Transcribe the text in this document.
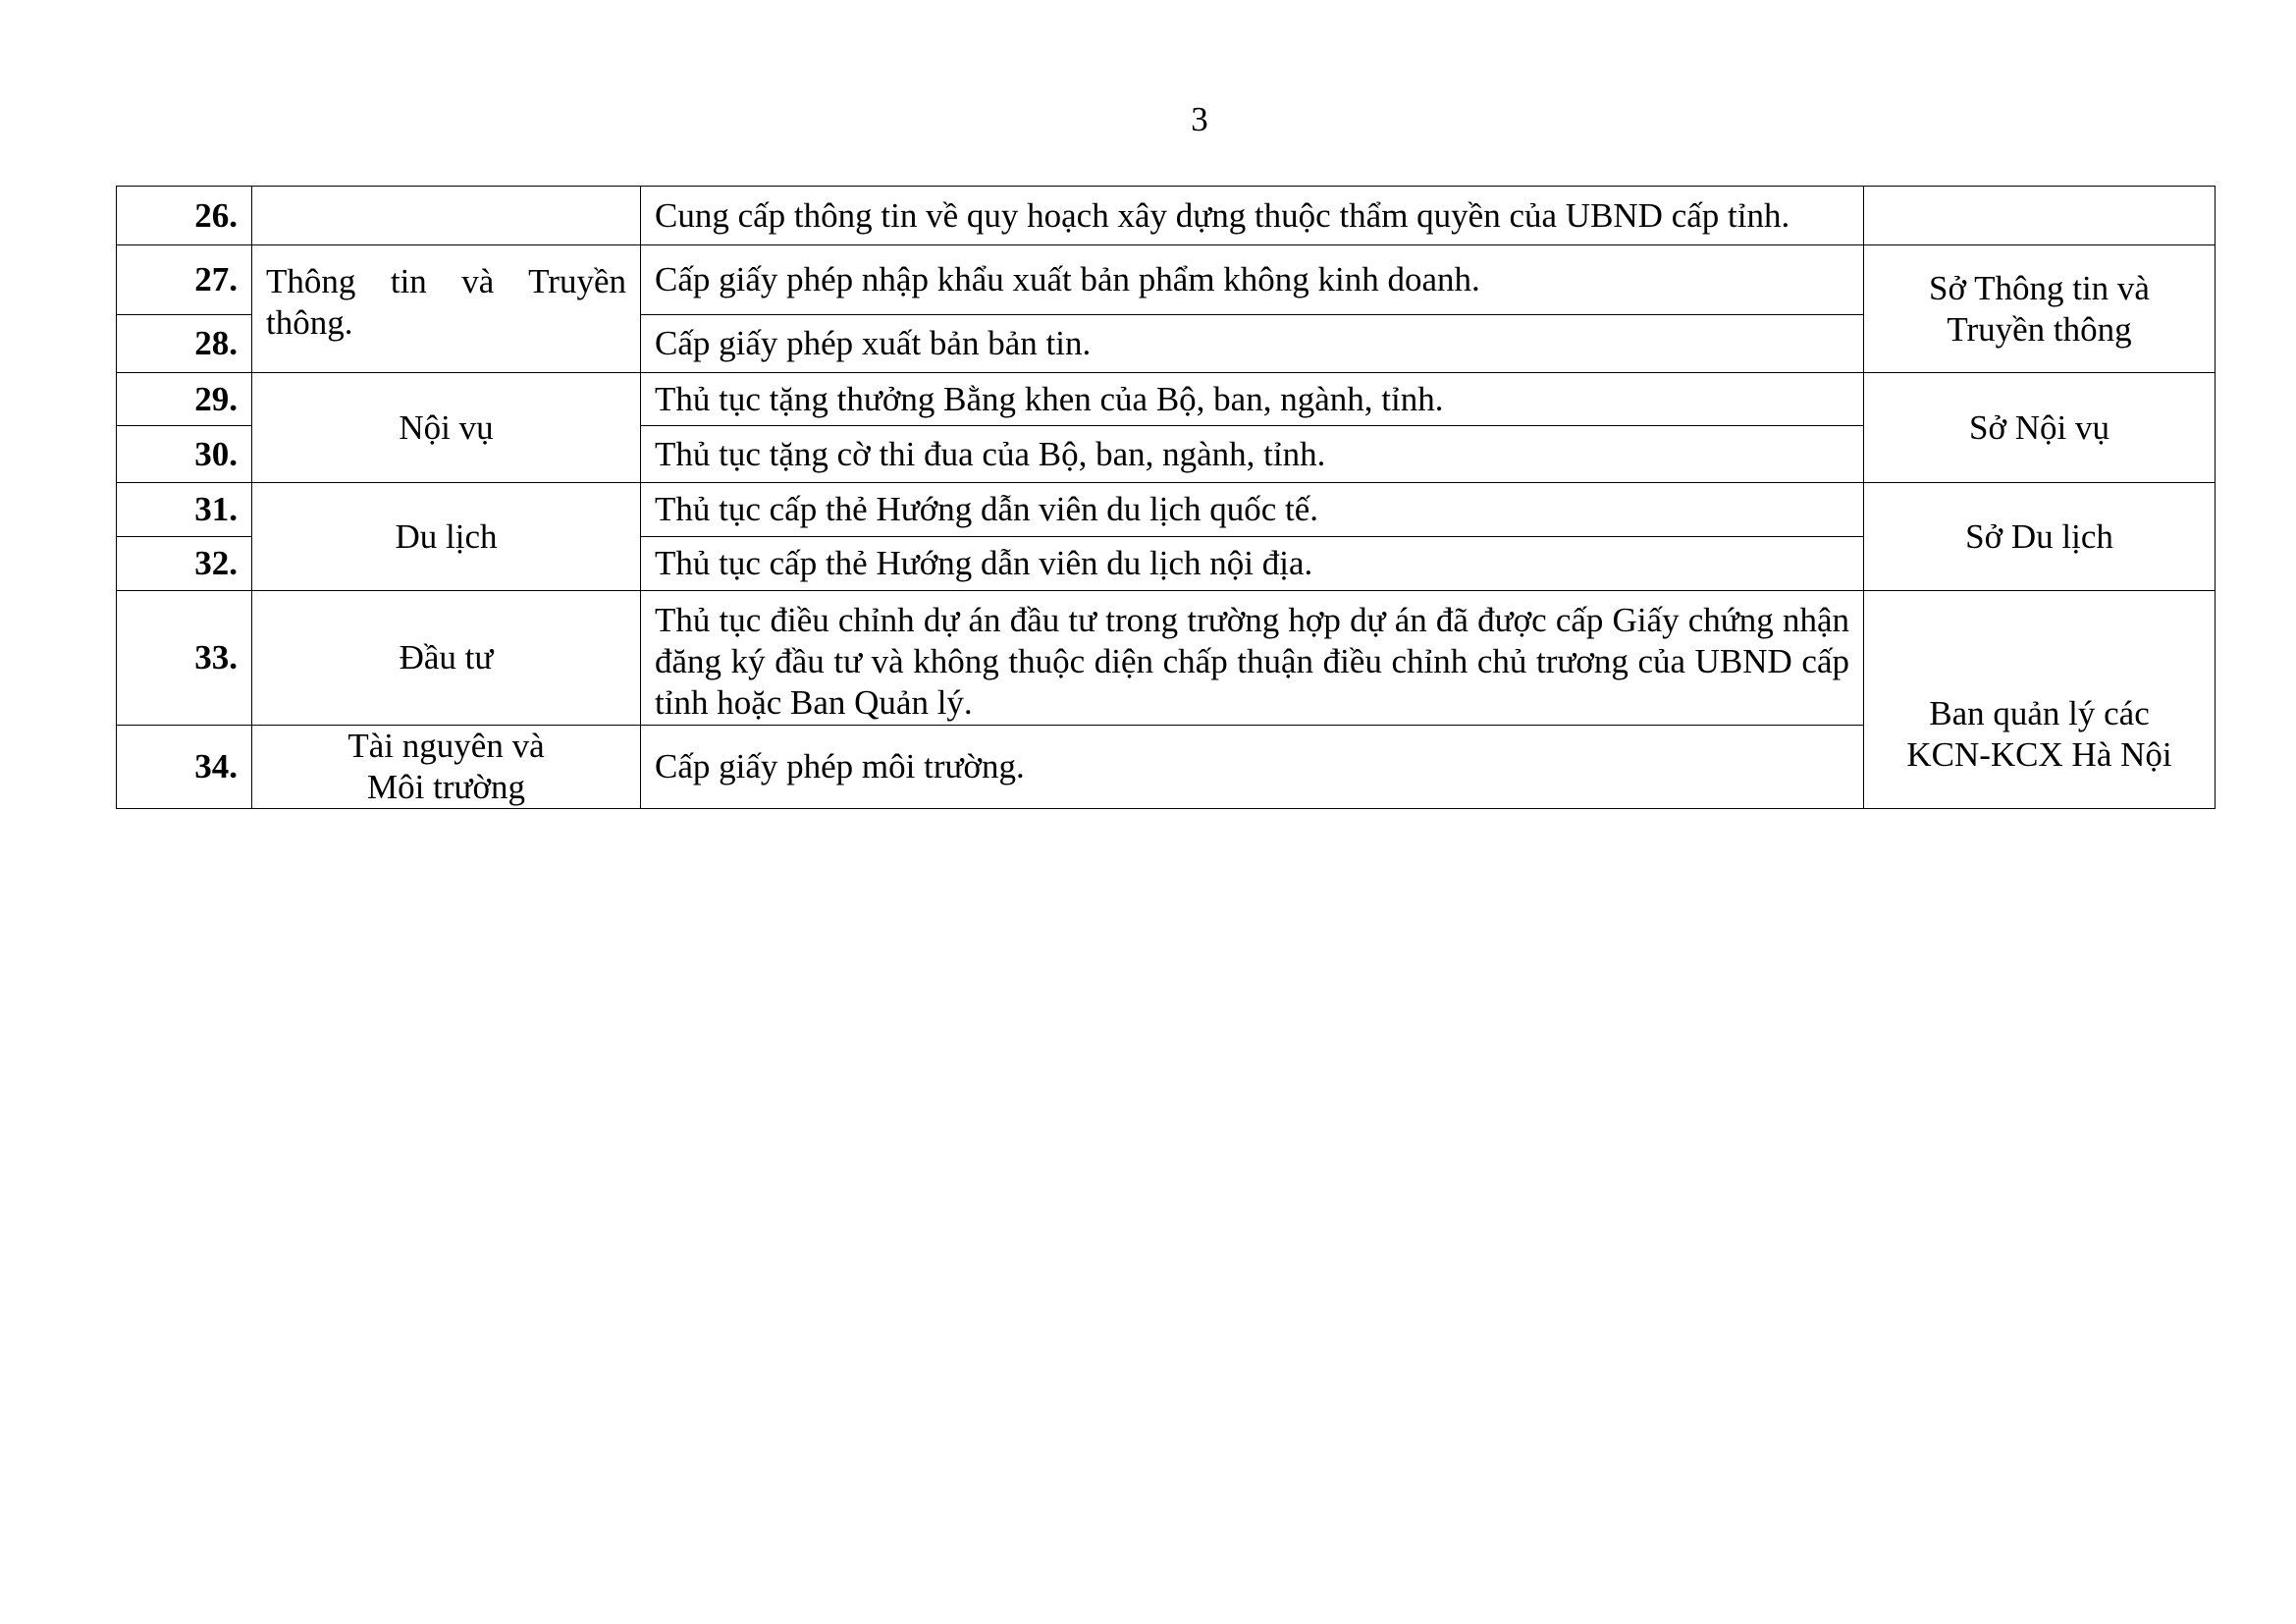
3
26.		Cung cấp thông tin về quy hoạch xây dựng thuộc thẩm quyền của UBND cấp tỉnh.	
27.	Thông tin và Truyền thông.	Cấp giấy phép nhập khẩu xuất bản phẩm không kinh doanh.	Sở Thông tin và
Truyền thông

28.		Cấp giấy phép xuất bản bản tin.	
29.	Nội vụ	Thủ tục tặng thưởng Bằng khen của Bộ, ban, ngành, tỉnh.	Sở Nội vụ
30.		Thủ tục tặng cờ thi đua của Bộ, ban, ngành, tỉnh.	
31.	Du lịch	Thủ tục cấp thẻ Hướng dẫn viên du lịch quốc tế.	Sở Du lịch
32.		Thủ tục cấp thẻ Hướng dẫn viên du lịch nội địa.	
33.	Đầu tư	Thủ tục điều chỉnh dự án đầu tư trong trường hợp dự án đã được cấp Giấy chứng nhận đăng ký đầu tư và không thuộc diện chấp thuận điều chỉnh chủ trương của UBND cấp tỉnh hoặc Ban Quản lý.	Ban quản lý các
KCN-KCX Hà Nội

34.	Tài nguyên và
Môi trường	Cấp giấy phép môi trường.	
